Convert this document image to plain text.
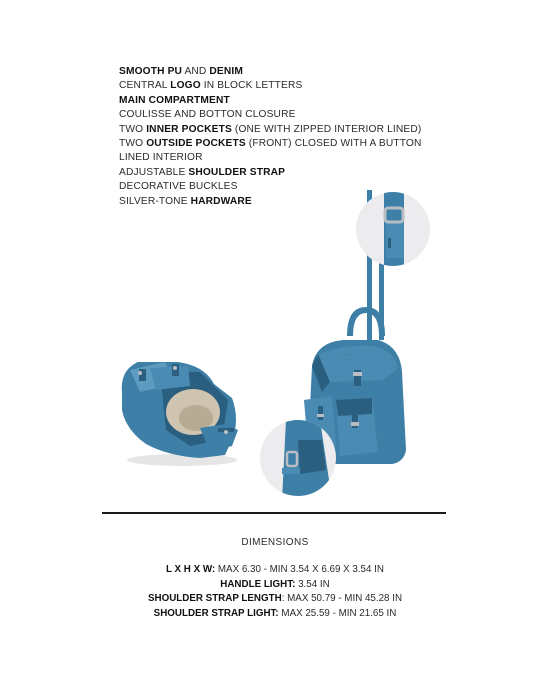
SMOOTH PU AND DENIM
CENTRAL LOGO IN BLOCK LETTERS
MAIN COMPARTMENT
COULISSE AND BOTTON CLOSURE
TWO INNER POCKETS (ONE WITH ZIPPED INTERIOR LINED)
TWO OUTSIDE POCKETS (FRONT) CLOSED WITH A BUTTON
LINED INTERIOR
ADJUSTABLE SHOULDER STRAP
DECORATIVE BUCKLES
SILVER-TONE HARDWARE
·····
DIMENSIONS
L X H X W: MAX 6.30 - MIN 3.54 X 6.69 X 3.54 IN
HANDLE LIGHT: 3.54 IN
SHOULDER STRAP LENGTH: MAX 50.79 - MIN 45.28 IN
SHOULDER STRAP LIGHT: MAX 25.59 - MIN 21.65 IN
